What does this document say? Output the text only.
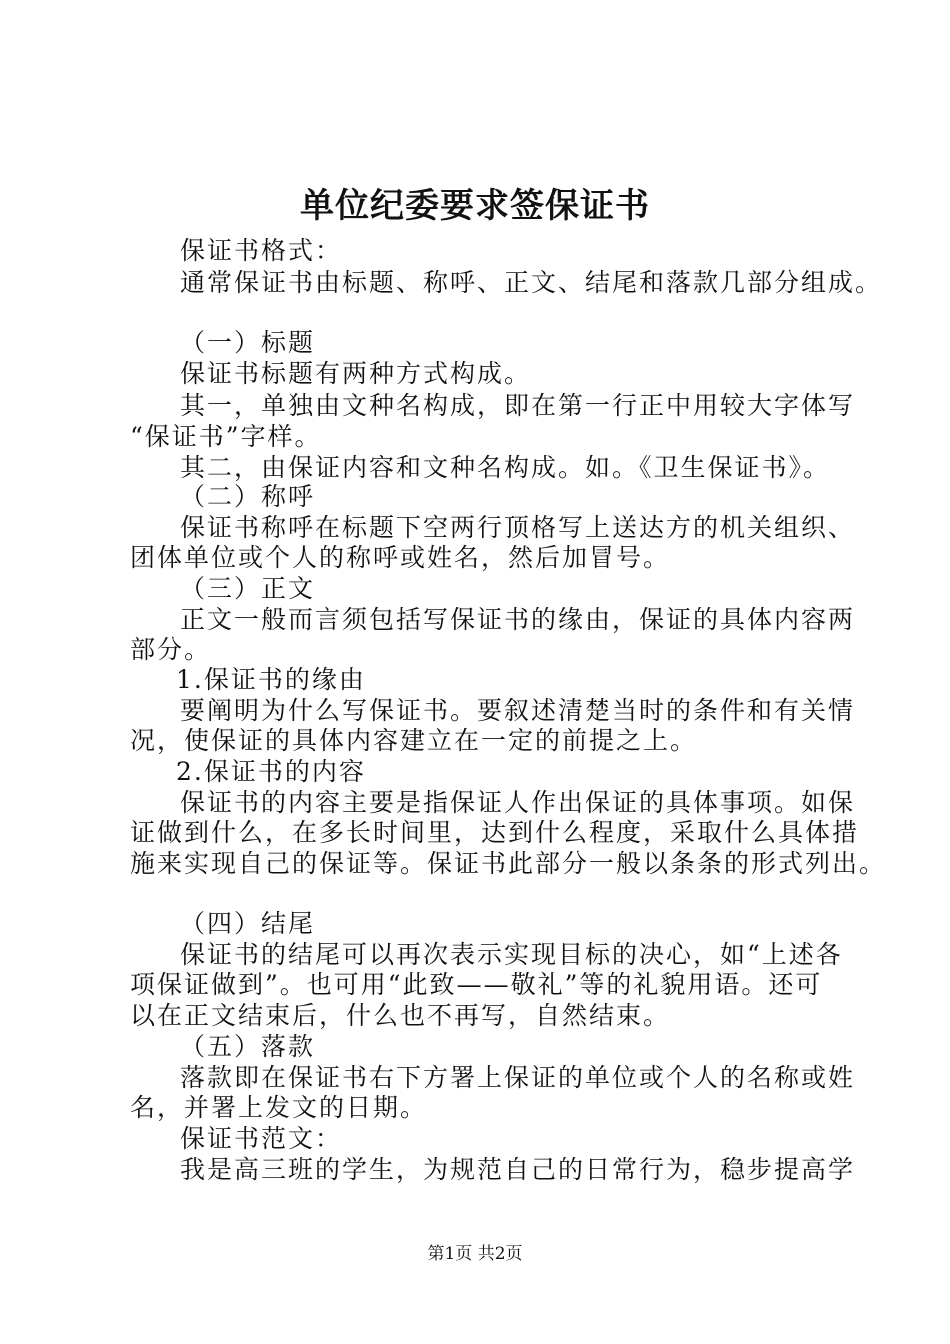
单位纪委要求签保证书
保证书格式：
通常保证书由标题、称呼、正文、结尾和落款几部分组成。
（一）标题
保证书标题有两种方式构成。
其一，单独由文种名构成，即在第一行正中用较大字体写
“保证书”字样。
其二，由保证内容和文种名构成。如。《卫生保证书》。
（二）称呼
保证书称呼在标题下空两行顶格写上送达方的机关组织、
团体单位或个人的称呼或姓名，然后加冒号。
（三）正文
正文一般而言须包括写保证书的缘由，保证的具体内容两
部分。
1.保证书的缘由
要阐明为什么写保证书。要叙述清楚当时的条件和有关情
况，使保证的具体内容建立在一定的前提之上。
2.保证书的内容
保证书的内容主要是指保证人作出保证的具体事项。如保
证做到什么，在多长时间里，达到什么程度，采取什么具体措
施来实现自己的保证等。保证书此部分一般以条条的形式列出。
（四）结尾
保证书的结尾可以再次表示实现目标的决心，如“上述各
项保证做到”。也可用“此致——敬礼”等的礼貌用语。还可
以在正文结束后，什么也不再写，自然结束。
（五）落款
落款即在保证书右下方署上保证的单位或个人的名称或姓
名，并署上发文的日期。
保证书范文：
我是高三班的学生，为规范自己的日常行为，稳步提高学
第1页 共2页
